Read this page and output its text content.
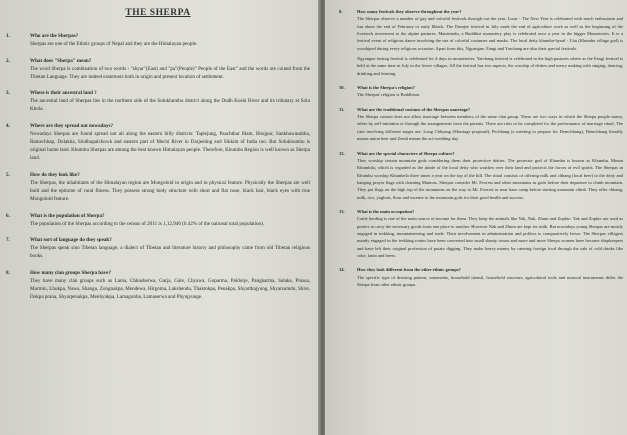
THE SHERPA
1.	Who are the Sherpas?

Sherpas are one of the Ethnic groups of Nepal and they are the Himalayan people.

2.	What does "Sherpa" mean?

The word Sherpa is combination of two words - "shyar"(East) and "pa"(People)" People of the East" and the words are coined from the Tibetan Language. They are indeed easterners both in origin and present location of settlement.

3.	Where is their ancestral land ?

The ancestral land of Sherpas lies in the northern side of the Solukhumbu district along the Dudh Koshi River and its tributary at Solu Khola.

4.	Where are they spread out nowadays?

Nowadays Sherpas are found spread out all along the eastern hilly districts: Taplejung, Paachthar Illam, Bhojpur, Sankhuwasabha, Ramechhap, Dolakha, Sindhupalchowk and eastern part of Mechi River in Darjeeling and Sikkim of India too. But Solukhumbu is original home land. Khumbu Sherpas are among the best known Himalayan people. Therefore, Khumbu Region is well known as Sherpa land.

5.	How do they look like?

The Sherpas, the inhabitants of the Himalayan region are Mongoloid in origin and in physical feature. Physically the Sherpas are well built and the epitome of rural fitness. They possess strong body structure with short and flat nose, black hair, black eyes with true Mongoloid feature.

6.	What is the population of Sherpa?

The population of the Sherpas according to the census of 2011 is 1,12,946 (0.42% of the national total population).

7.	What sort of language do they speak?

The Sherpas speak sino Tibetan language, a dialect of Tibetan and literature history and philosophy came from old Tibetan religious books.

8.	How many clan groups Sherpa have?

They have many clan groups such as Lama, Chhusherwa, Garja, Gale, Chyawa, Goparma, Paldorje, Pangkarma, Salaka, Pinasa, Murmin, Lhukpa, Nawa, Shangu, Zongnakpa, Mendewa, Hirgoma, Lakshendu, Thaktokpa, Penakpa, Shyarthajyung, Shyarsumdo, Shire, Dokpa prana, Shyarpenakpa, Menhyakpa, Lamagonba, Lamaserwa and Phyujyunge.

9.	How many festivals they observe throughout the year?

The Sherpas observe a number of gay and colorful festivals through out the year. Losar - The New Year is celebrated with much enthusiasm and fun about the end of February or early March. The Dumjee festival in July mark the end of agriculture work as well as the beginning of the livestock movement to the alpine pastures. Manirimdu, a Buddhist monastery play is celebrated once a year in the bigger Monasteries. It is a festival event of religious dance involving the use of colorful costumes and masks. The local deity khumbu-hyual - Lha (Khumbu village god) is worshiped during every religious occasion. Apart from this, Ngyangne, Fangi and Yarchang are also their special festivals.

Ngyangne fasting festival is celebrated for 4 days in monasteries. Yarchang festival is celebrated in the high pastures where as the Fangi festival is held at the same time in July in the lower villages. All the festival has two aspects, the worship of deities and merry making with singing, dancing, drinking and feasting.

10.	What is the Sherpa's religion?

The Sherpas' religion is Buddhism.

11.	What are the traditional customs of the Sherpas marriage?

The Sherpa custom does not allow marriage between members of the same clan group. There are two ways in which the Sherpa people marry, either by self-initiation or through the arrangements from the parents. There are rites to be completed for the performance of marriage ritual. The rites involving different stages are: Long Chhyang (Marriage proposal), Pechhang (a meeting to prepare for Demchhang), Demchhang literally means union beer and Zendi means the act-wedding day.

12.	What are the special characters of Sherpa culture?

They worship certain mountain gods considering them their protective deities. The protector god of Khumbu is known as Khumbu. Mount Khumbila, which is regarded as the abode of the local deity who watches over their land and protects the forces of evil spirits. The Sherpas in Khumbu worship Khumbela three times a year on the top of the hill. The ritual consists of offering milk and chhang (local beer) to the deity and hanging prayer flags with chanting Mantras. Sherpas consider Mt. Everest and other mountains as gods before their departure to climb mountain. They put flags on the high top of the mountains on the way to Mt. Everest or near base camp before starting mountain climb. They offer chhang, milk, rice, yoghurt, flour and incense to the mountain gods for their good health and success.

13.	What is the main occupation?

Cattle herding is one of the main source of income for them. They keep the animals like Yak, Nak, Zhum and Zopkio. Yak and Zopkio are used as porters to carry the necessary goods from one place to another. However Nak and Zhum are kept for milk. But nowadays young Sherpas are mostly engaged in trekking, mountaineering and trade. Their involvement in administration and politics is comparatively lesser. The Sherpas villagers mainly engaged in the trekking routes have been converted into small shanty towns and more and more Sherpa women have become shopkeepers and have left their original profession of potato digging. They make heavy money by catering foreign food through the sale of cold drinks like coke, fanta and beers.

14.	How they look different from the other ethnic groups?

The specific type of dressing pattern, ornaments, household utensil, household structure, agricultural tools and musical instruments differ the Sherpa from other ethnic groups.
